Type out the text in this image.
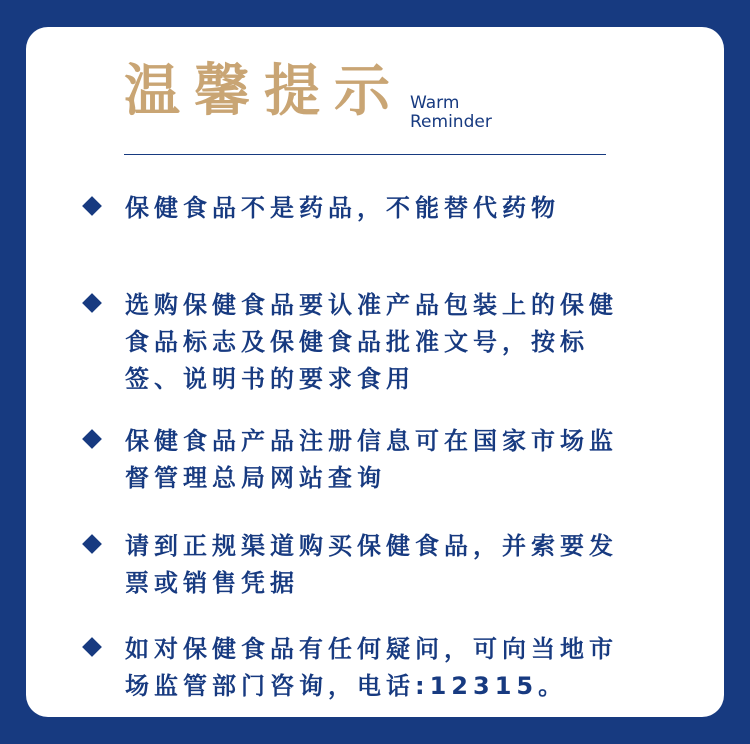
温馨提示 Warm
Reminder
保健食品不是药品，不能替代药物
选购保健食品要认准产品包装上的保健食品标志及保健食品批准文号，按标签、说明书的要求食用
保健食品产品注册信息可在国家市场监督管理总局网站查询
请到正规渠道购买保健食品，并索要发票或销售凭据
如对保健食品有任何疑问，可向当地市场监管部门咨询，电话:12315。
